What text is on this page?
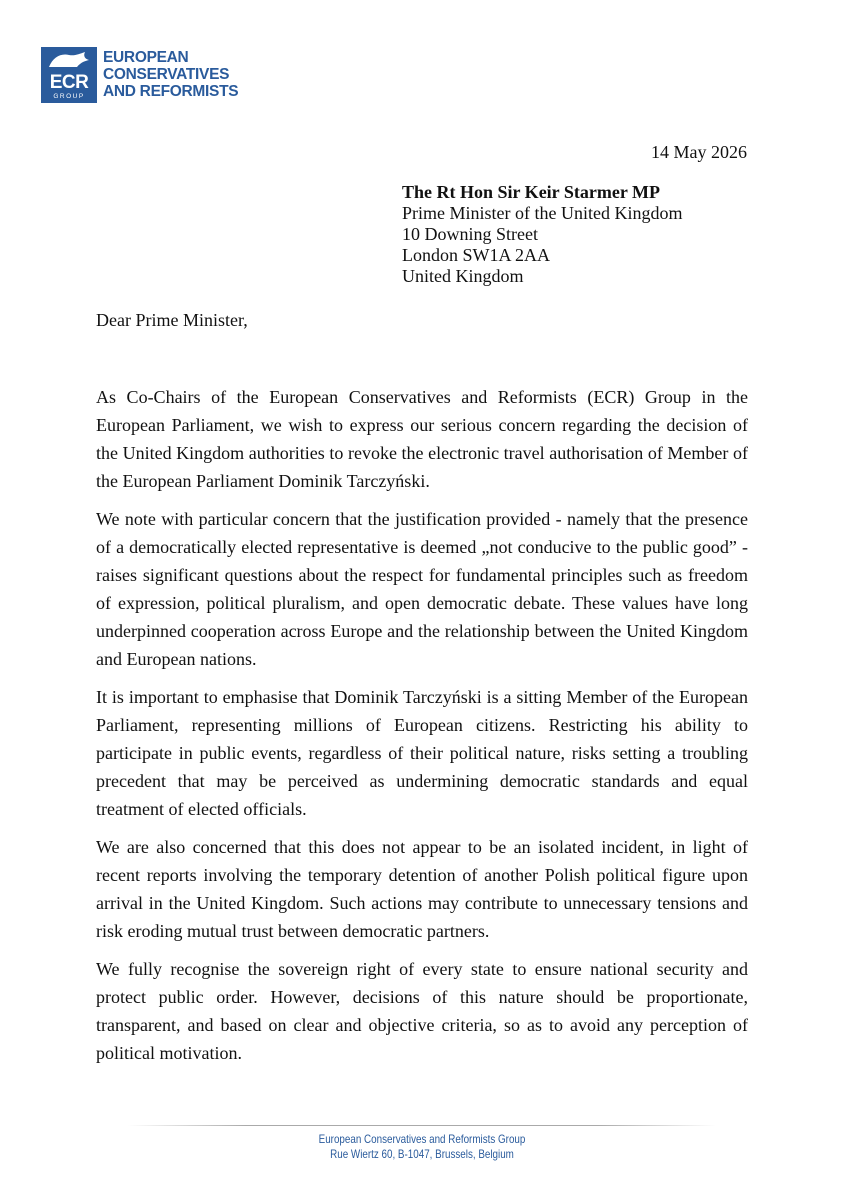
ECR
GROUP
EUROPEAN
CONSERVATIVES
AND REFORMISTS
14 May 2026
The Rt Hon Sir Keir Starmer MP
Prime Minister of the United Kingdom
10 Downing Street
London SW1A 2AA
United Kingdom
Dear Prime Minister,

As Co-Chairs of the European Conservatives and Reformists (ECR) Group in the European Parliament, we wish to express our serious concern regarding the decision of the United Kingdom authorities to revoke the electronic travel authorisation of Member of the European Parliament Dominik Tarczyński.

We note with particular concern that the justification provided - namely that the presence of a democratically elected representative is deemed „not conducive to the public good” - raises significant questions about the respect for fundamental principles such as freedom of expression, political pluralism, and open democratic debate. These values have long underpinned cooperation across Europe and the relationship between the United Kingdom and European nations.

It is important to emphasise that Dominik Tarczyński is a sitting Member of the European Parliament, representing millions of European citizens. Restricting his ability to participate in public events, regardless of their political nature, risks setting a troubling precedent that may be perceived as undermining democratic standards and equal treatment of elected officials.

We are also concerned that this does not appear to be an isolated incident, in light of recent reports involving the temporary detention of another Polish political figure upon arrival in the United Kingdom. Such actions may contribute to unnecessary tensions and risk eroding mutual trust between democratic partners.

We fully recognise the sovereign right of every state to ensure national security and protect public order. However, decisions of this nature should be proportionate, transparent, and based on clear and objective criteria, so as to avoid any perception of political motivation.

European Conservatives and Reformists Group
Rue Wiertz 60, B-1047, Brussels, Belgium
